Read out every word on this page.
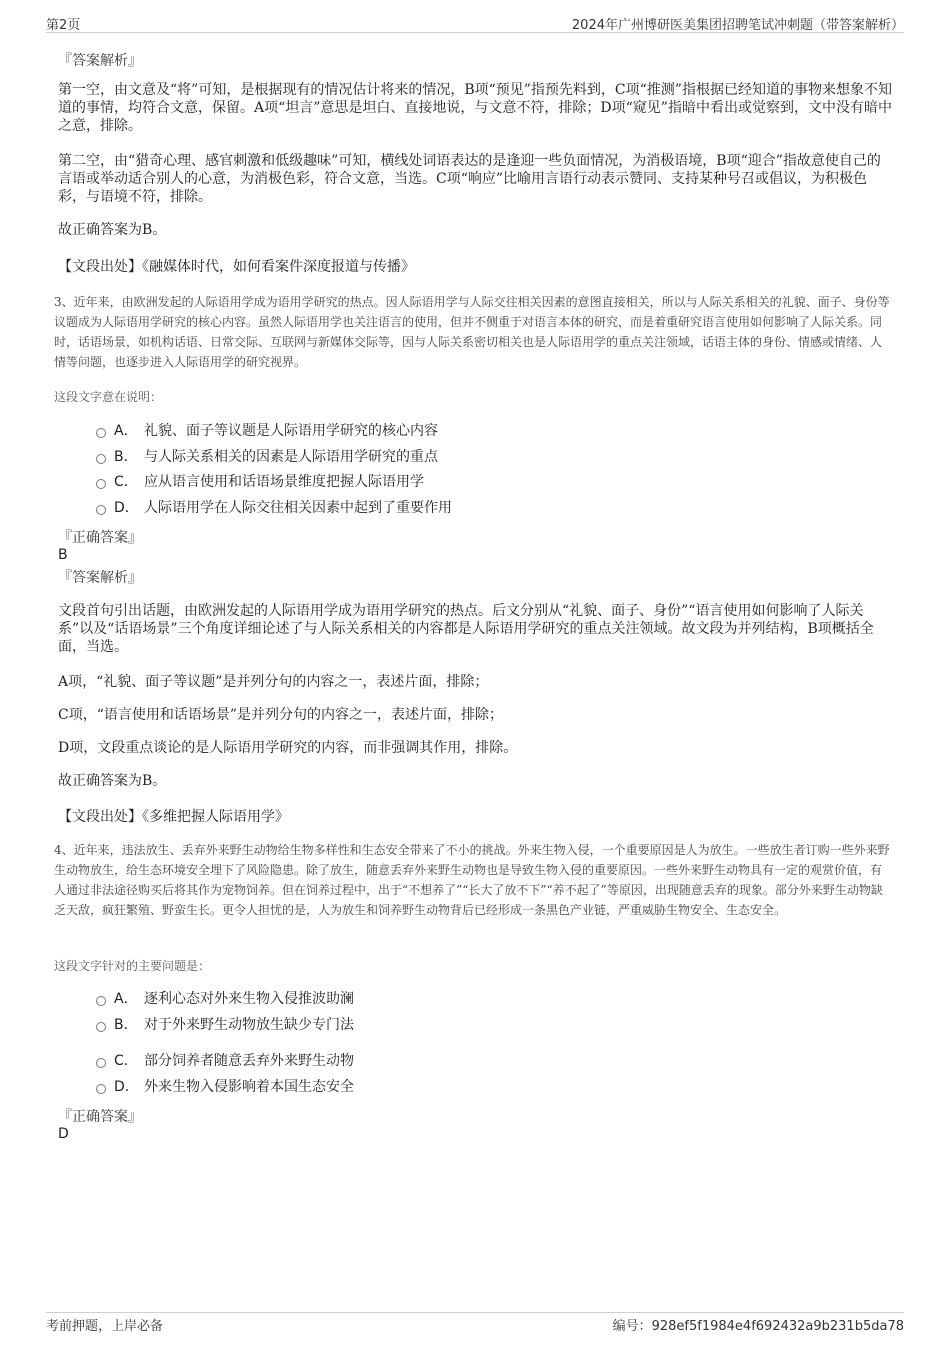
第2页	2024年广州博研医美集团招聘笔试冲刺题（带答案解析）
『答案解析』
第一空，由文意及“将”可知，是根据现有的情况估计将来的情况，B项“预见”指预先料到，C项“推测”指根据已经知道的事物来想象不知道的事情，均符合文意，保留。A项“坦言”意思是坦白、直接地说，与文意不符，排除；D项“窥见”指暗中看出或觉察到，文中没有暗中之意，排除。
第二空，由“猎奇心理、感官刺激和低级趣味”可知，横线处词语表达的是逢迎一些负面情况，为消极语境，B项“迎合”指故意使自己的言语或举动适合别人的心意，为消极色彩，符合文意，当选。C项“响应”比喻用言语行动表示赞同、支持某种号召或倡议，为积极色彩，与语境不符，排除。
故正确答案为B。
【文段出处】《融媒体时代，如何看案件深度报道与传播》
3、近年来，由欧洲发起的人际语用学成为语用学研究的热点。因人际语用学与人际交往相关因素的意图直接相关，所以与人际关系相关的礼貌、面子、身份等议题成为人际语用学研究的核心内容。虽然人际语用学也关注语言的使用，但并不侧重于对语言本体的研究，而是着重研究语言使用如何影响了人际关系。同时，话语场景，如机构话语、日常交际、互联网与新媒体交际等，因与人际关系密切相关也是人际语用学的重点关注领域，话语主体的身份、情感或情绪、人情等问题，也逐步进入人际语用学的研究视界。
这段文字意在说明：
A． 礼貌、面子等议题是人际语用学研究的核心内容
B． 与人际关系相关的因素是人际语用学研究的重点
C． 应从语言使用和话语场景维度把握人际语用学
D． 人际语用学在人际交往相关因素中起到了重要作用
『正确答案』
B
『答案解析』
文段首句引出话题，由欧洲发起的人际语用学成为语用学研究的热点。后文分别从“礼貌、面子、身份”“语言使用如何影响了人际关系”以及“话语场景”三个角度详细论述了与人际关系相关的内容都是人际语用学研究的重点关注领域。故文段为并列结构，B项概括全面，当选。
A项，“礼貌、面子等议题”是并列分句的内容之一，表述片面，排除；
C项，“语言使用和话语场景”是并列分句的内容之一，表述片面，排除；
D项，文段重点谈论的是人际语用学研究的内容，而非强调其作用，排除。
故正确答案为B。
【文段出处】《多维把握人际语用学》
4、近年来，违法放生、丢弃外来野生动物给生物多样性和生态安全带来了不小的挑战。外来生物入侵，一个重要原因是人为放生。一些放生者订购一些外来野生动物放生，给生态环境安全埋下了风险隐患。除了放生，随意丢弃外来野生动物也是导致生物入侵的重要原因。一些外来野生动物具有一定的观赏价值，有人通过非法途径购买后将其作为宠物饲养。但在饲养过程中，出于“不想养了”“长大了放不下”“养不起了”等原因，出现随意丢弃的现象。部分外来野生动物缺乏天敌，疯狂繁殖、野蛮生长。更令人担忧的是，人为放生和饲养野生动物背后已经形成一条黑色产业链，严重威胁生物安全、生态安全。
这段文字针对的主要问题是：
A． 逐利心态对外来生物入侵推波助澜
B． 对于外来野生动物放生缺少专门法
C． 部分饲养者随意丢弃外来野生动物
D． 外来生物入侵影响着本国生态安全
『正确答案』
D
考前押题，上岸必备	编号：928ef5f1984e4f692432a9b231b5da78
